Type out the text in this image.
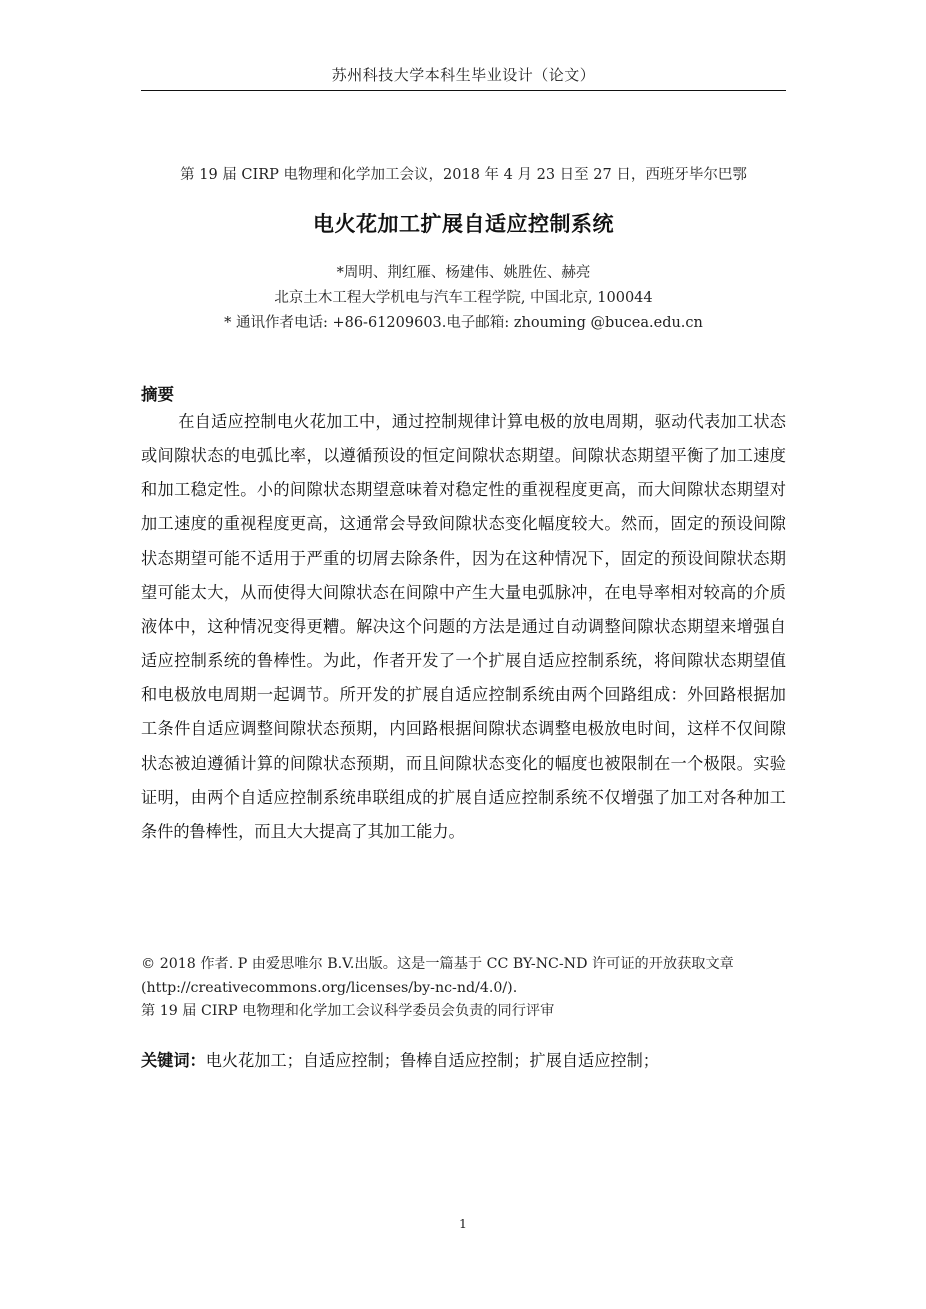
苏州科技大学本科生毕业设计（论文）
第 19 届 CIRP 电物理和化学加工会议，2018 年 4 月 23 日至 27 日，西班牙毕尔巴鄂
电火花加工扩展自适应控制系统
*周明、荆红雁、杨建伟、姚胜佐、赫亮
北京土木工程大学机电与汽车工程学院, 中国北京, 100044
* 通讯作者电话: +86-61209603.电子邮箱: zhouming @bucea.edu.cn
摘要

在自适应控制电火花加工中，通过控制规律计算电极的放电周期，驱动代表加工状态或间隙状态的电弧比率，以遵循预设的恒定间隙状态期望。间隙状态期望平衡了加工速度和加工稳定性。小的间隙状态期望意味着对稳定性的重视程度更高，而大间隙状态期望对加工速度的重视程度更高，这通常会导致间隙状态变化幅度较大。然而，固定的预设间隙状态期望可能不适用于严重的切屑去除条件，因为在这种情况下，固定的预设间隙状态期望可能太大，从而使得大间隙状态在间隙中产生大量电弧脉冲，在电导率相对较高的介质液体中，这种情况变得更糟。解决这个问题的方法是通过自动调整间隙状态期望来增强自适应控制系统的鲁棒性。为此，作者开发了一个扩展自适应控制系统，将间隙状态期望值和电极放电周期一起调节。所开发的扩展自适应控制系统由两个回路组成：外回路根据加工条件自适应调整间隙状态预期，内回路根据间隙状态调整电极放电时间，这样不仅间隙状态被迫遵循计算的间隙状态预期，而且间隙状态变化的幅度也被限制在一个极限。实验证明，由两个自适应控制系统串联组成的扩展自适应控制系统不仅增强了加工对各种加工条件的鲁棒性，而且大大提高了其加工能力。

© 2018 作者. P 由爱思唯尔 B.V.出版。这是一篇基于 CC BY-NC-ND 许可证的开放获取文章
(http://creativecommons.org/licenses/by-nc-nd/4.0/).
第 19 届 CIRP 电物理和化学加工会议科学委员会负责的同行评审
关键词：电火花加工；自适应控制；鲁棒自适应控制；扩展自适应控制；
1
